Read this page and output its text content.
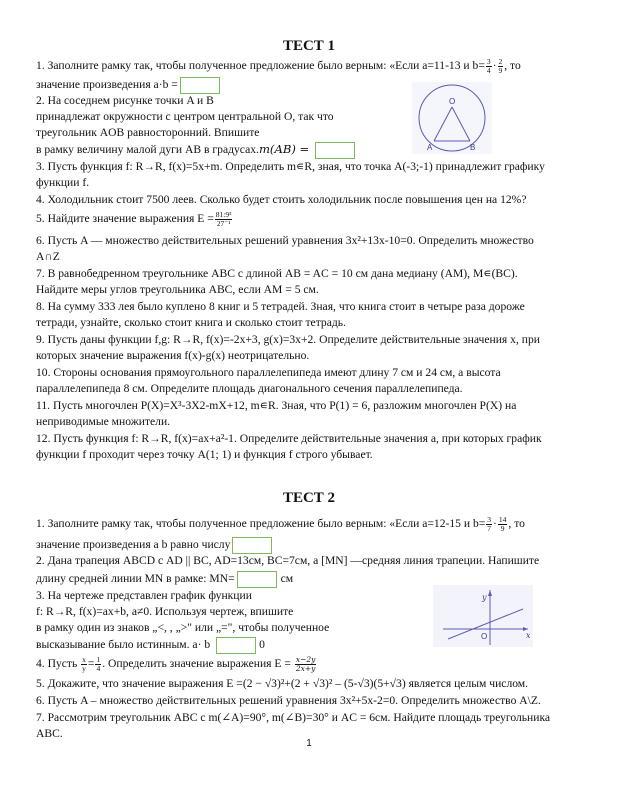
ТЕСТ 1
1. Заполните рамку так, чтобы полученное предложение было верным: «Если a=11-13 и $b= \frac{3}{4} \cdot \frac{2}{9}$ , то
значение произведения a·b =
2. На соседнем рисунке точки A и B
принадлежат окружности с центром центральной O, так что
треугольник AOB равносторонний. Впишите
в рамку величину малой дуги AB в градусах.m(AB) =
O
A	B
3. Пусть функция f: R→R, f(x)=5x+m. Определить m∊R, зная, что точка A(-3;-1) принадлежит графику
функции f.
4. Холодильник стоит 7500 леев. Сколько будет стоить холодильник после повышения цен на 12%?
5. Найдите значение выражения $E = \frac{\text{81:9³}}{\text{27⁻¹}}$
6. Пусть A — множество действительных решений уравнения 3x²+13x-10=0. Определить множество
A∩Z
7. В равнобедренном треугольнике ABC с длиной AB = AC = 10 см дана медиану (AM), M∊(BC).
Найдите меры углов треугольника ABC, если AM = 5 см.
8. На сумму 333 лея было куплено 8 книг и 5 тетрадей. Зная, что книга стоит в четыре раза дороже
тетради, узнайте, сколько стоит книга и сколько стоит тетрадь.
9. Пусть даны функции f,g: R→R, f(x)=-2x+3, g(x)=3x+2. Определите действительные значения x, при
которых значение выражения f(x)-g(x) неотрицательно.
10. Стороны основания прямоугольного параллелепипеда имеют длину 7 см и 24 см, а высота
параллелепипеда 8 см. Определите площадь диагонального сечения параллелепипеда.
11. Пусть многочлен P(X)=X³-3X2-mX+12, m∊R. Зная, что P(1) = 6, разложим многочлен P(X) на
неприводимые множители.
12. Пусть функция f: R→R, f(x)=ax+a²-1. Определите действительные значения a, при которых график
функции f проходит через точку A(1; 1) и функция f строго убывает.
ТЕСТ 2
1. Заполните рамку так, чтобы полученное предложение было верным: «Если a=12-15 и $b= \frac{3}{7} \cdot \frac{14}{9}$ , то
значение произведения a b равно числу
2. Дана трапеция ABCD с AD || BC, AD=13см, BC=7см, а [MN] —средняя линия трапеции. Напишите
длину средней линии MN в рамке: MN=	см
3. На чертеже представлен график функции
f: R→R, f(x)=ax+b, a≠0. Используя чертеж, впишите
в рамку один из знаков „<, , „>" или „=", чтобы полученное
высказывание было истинным. a· b	0
y
x
O
4. Пусть $\frac{x}{y} = \frac{1}{4}$ . Определить значение выражения $E = \frac{x-2y}{2x+y}$
5. Докажите, что значение выражения E =(2 − √3)²+(2 + √3)² – (5-√3)(5+√3) является целым числом.
6. Пусть A – множество действительных решений уравнения 3x²+5x-2=0. Определить множество A\Z.
7. Рассмотрим треугольник ABC с m(∠A)=90°, m(∠B)=30° и AC = 6см. Найдите площадь треугольника
ABC.
1
